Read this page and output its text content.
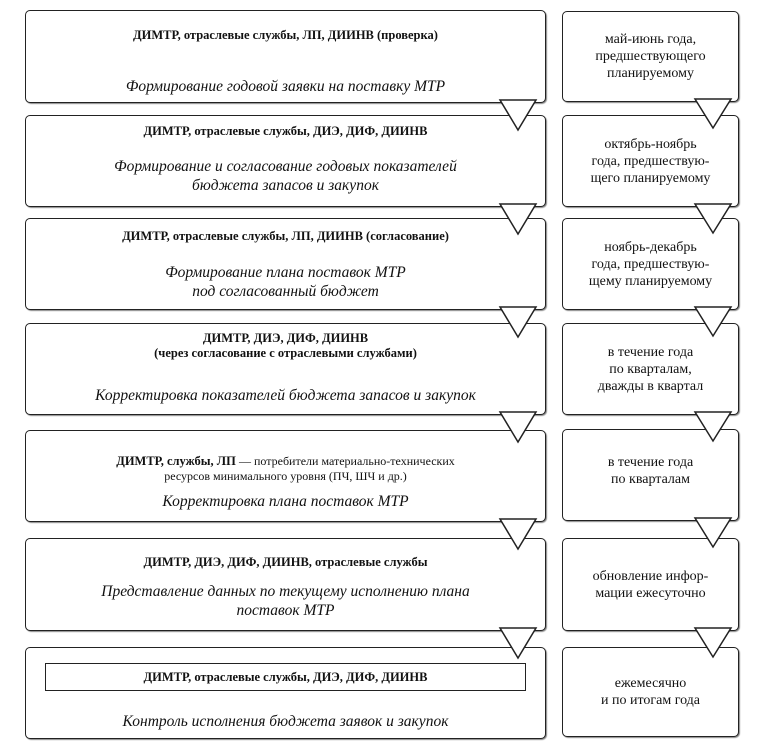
ДИМТР, отраслевые службы, ЛП, ДИИНВ (проверка)
Формирование годовой заявки на поставку МТР
май-июнь года,
предшествующего
планируемому
ДИМТР, отраслевые службы, ДИЭ, ДИФ, ДИИНВ
Формирование и согласование годовых показателей
бюджета запасов и закупок
октябрь-ноябрь
года, предшествую-
щего планируемому
ДИМТР, отраслевые службы, ЛП, ДИИНВ (согласование)
Формирование плана поставок МТР
под согласованный бюджет
ноябрь-декабрь
года, предшествую-
щему планируемому
ДИМТР, ДИЭ, ДИФ, ДИИНВ
(через согласование с отраслевыми службами)
Корректировка показателей бюджета запасов и закупок
в течение года
по кварталам,
дважды в квартал
ДИМТР, службы, ЛП — потребители материально-технических
ресурсов минимального уровня (ПЧ, ШЧ и др.)
Корректировка плана поставок МТР
в течение года
по кварталам
ДИМТР, ДИЭ, ДИФ, ДИИНВ, отраслевые службы
Представление данных по текущему исполнению плана
поставок МТР
обновление инфор-
мации ежесуточно
ДИМТР, отраслевые службы, ДИЭ, ДИФ, ДИИНВ
Контроль исполнения бюджета заявок и закупок
ежемесячно
и по итогам года
